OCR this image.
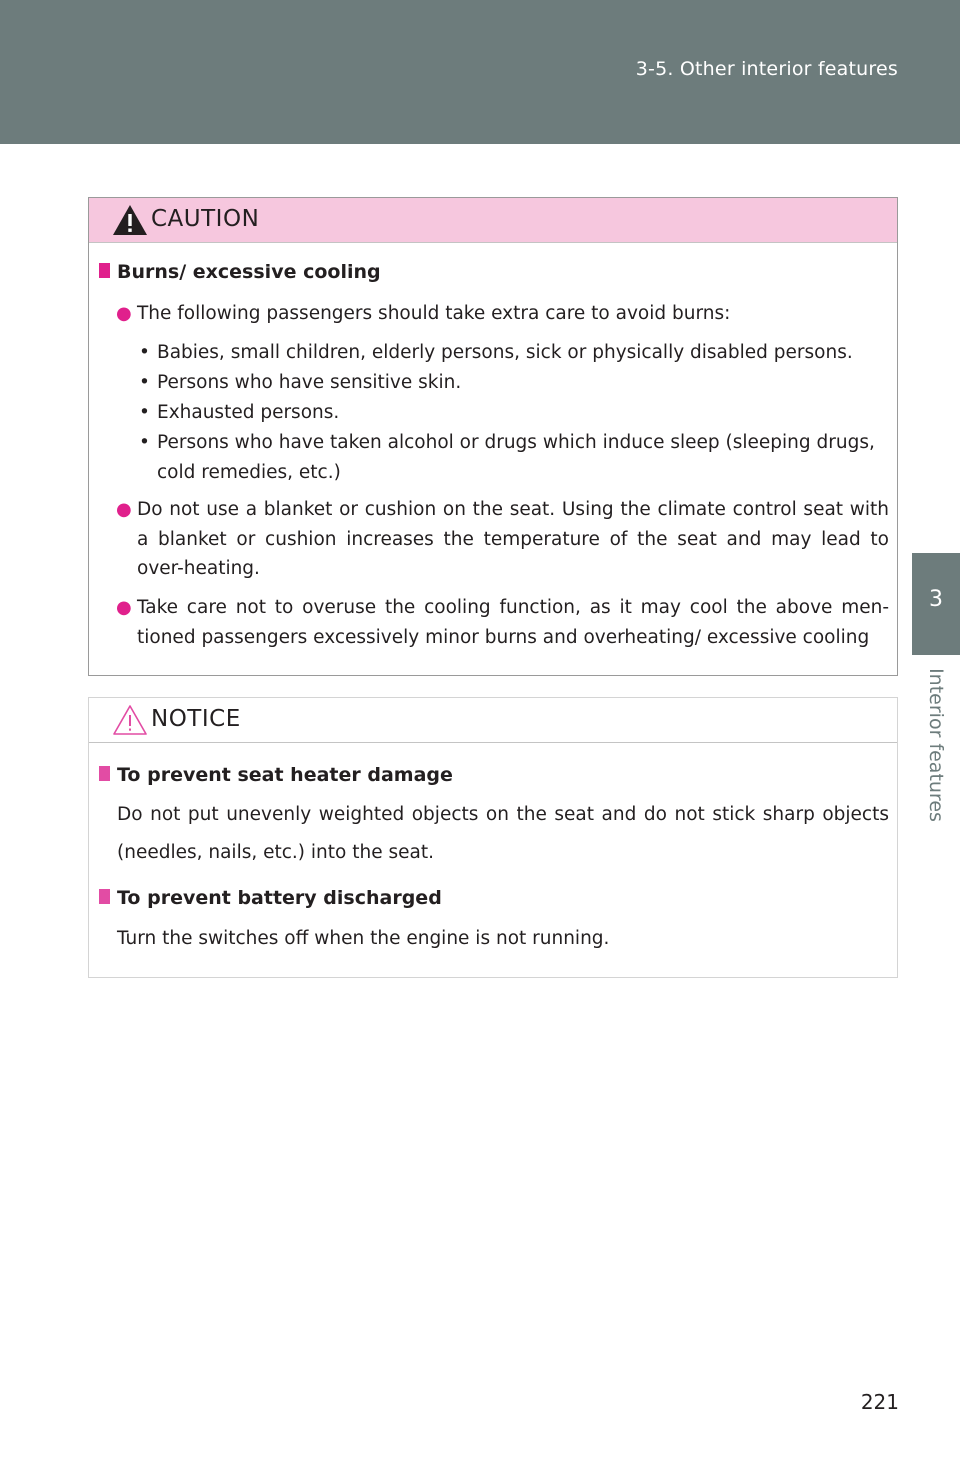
3-5. Other interior features
3
Interior features
CAUTION
Burns/ excessive cooling
● The following passengers should take extra care to avoid burns:
• Babies, small children, elderly persons, sick or physically disabled persons.
• Persons who have sensitive skin.
• Exhausted persons.
• Persons who have taken alcohol or drugs which induce sleep (sleeping drugs, cold remedies, etc.)
● Do not use a blanket or cushion on the seat. Using the climate control seat with a blanket or cushion increases the temperature of the seat and may lead to over-heating.
● Take care not to overuse the cooling function, as it may cool the above men-tioned passengers excessively minor burns and overheating/ excessive cooling
NOTICE
To prevent seat heater damage
Do not put unevenly weighted objects on the seat and do not stick sharp objects (needles, nails, etc.) into the seat.
To prevent battery discharged
Turn the switches off when the engine is not running.
221
